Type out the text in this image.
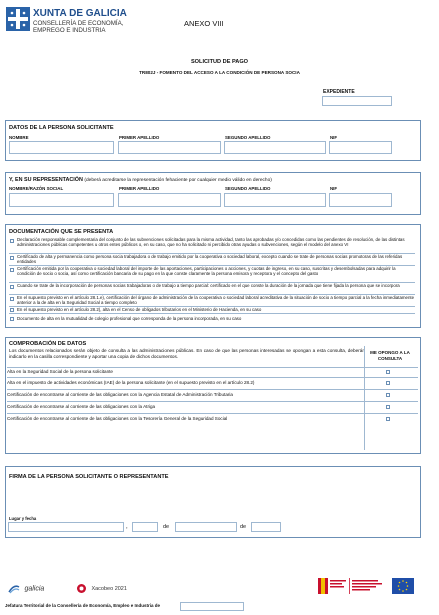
XUNTA DE GALICIA
CONSELLERÍA DE ECONOMÍA,
EMPREGO E INDUSTRIA
ANEXO VIII
SOLICITUD DE PAGO
TR802J - FOMENTO DEL ACCESO A LA CONDICIÓN DE PERSONA SOCIA
EXPEDIENTE
DATOS DE LA PERSONA SOLICITANTE
NOMBRE	PRIMER APELLIDO	SEGUNDO APELLIDO	NIF
Y, EN SU REPRESENTACIÓN (deberá acreditarse la representación fehaciente por cualquier medio válido en derecho)
NOMBRE/RAZÓN SOCIAL	PRIMER APELLIDO	SEGUNDO APELLIDO	NIF
DOCUMENTACIÓN QUE SE PRESENTA
Declaración responsable complementaria del conjunto de las subvenciones solicitadas para la misma actividad, tanto las aprobadas y/o concedidas como las pendientes de resolución, de las distintas administraciones públicas competentes u otros entes públicos o, en su caso, que no ha solicitado ni percibido otras ayudas o subvenciones, según el modelo del anexo VI
Certificado de alta y permanencia como persona socia trabajadora o de trabajo emitido por la cooperativa o sociedad laboral, excepto cuando se trate de personas socias promotoras de las referidas entidades
Certificación emitida por la cooperativa o sociedad laboral del importe de las aportaciones, participaciones o acciones, y cuotas de ingreso, en su caso, suscritas y desembolsadas para adquirir la condición de socio o socia, así como certificación bancaria de su pago en la que conste claramente la persona emisora y receptora y el concepto del gasto
Cuando se trate de la incorporación de personas socias trabajadoras o de trabajo a tiempo parcial: certificado en el que conste la duración de la jornada que tiene fijada la persona que se incorpora
En el supuesto previsto en el artículo 28.1.e), certificación del órgano de administración de la cooperativa o sociedad laboral acreditativa de la situación de socio a tiempo parcial a la fecha inmediatamente anterior a la de alta en la Seguridad Social a tiempo completo
En el supuesto previsto en el artículo 28.2), alta en el Censo de obligados tributarios en el Ministerio de Hacienda, en su caso
Documento de alta en la mutualidad de colegio profesional que corresponda de la persona incorporada, en su caso
COMPROBACIÓN DE DATOS
Los documentos relacionados serán objeto de consulta a las administraciones públicas. En caso de que las personas interesadas se opongan a esta consulta, deberán indicarlo en la casilla correspondiente y aportar una copia de dichos documentos.
ME OPONGO A LA CONSULTA
Alta en la Seguridad Social de la persona solicitante
Alta en el impuesto de actividades económicas (IAE) de la persona solicitante (en el supuesto previsto en el artículo 28.2)
Certificación de encontrarse al corriente de las obligaciones con la Agencia Estatal de Administración Tributaria
Certificación de encontrarse al corriente de las obligaciones con la Atriga
Certificación de encontrarse al corriente de las obligaciones con la Tesorería General de la Seguridad Social
FIRMA DE LA PERSONA SOLICITANTE O REPRESENTANTE
Lugar y fecha
,	de	de
galicia	Xacobeo 2021
Jefatura Territorial de la Consellería de Economía, Empleo e Industria de
